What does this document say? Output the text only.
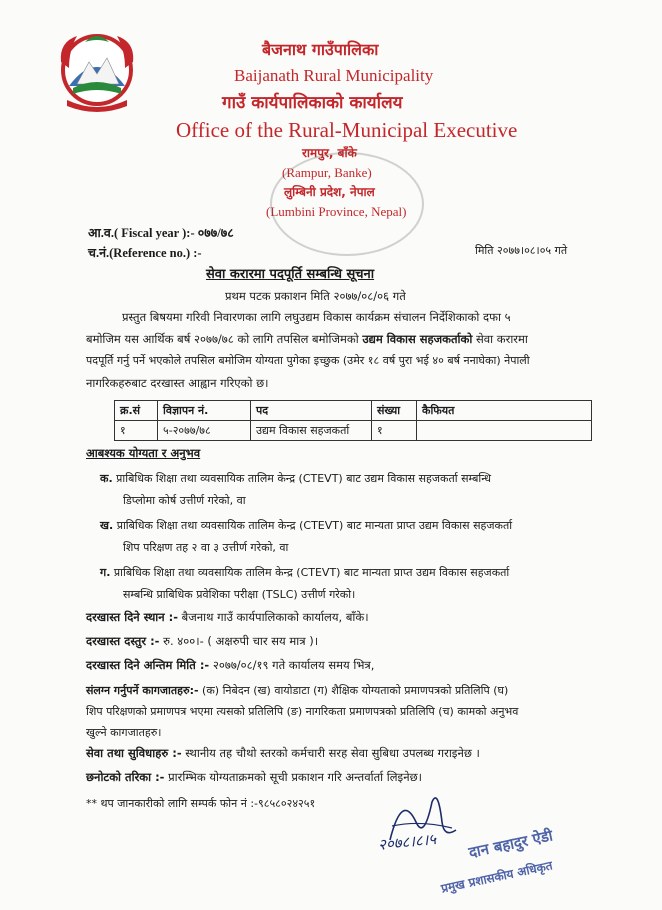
बैजनाथ गाउँपालिका
Baijanath Rural Municipality
गाउँ कार्यपालिकाको कार्यालय
Office of the Rural-Municipal Executive
रामपुर, बाँके
(Rampur, Banke)
लुम्बिनी प्रदेश, नेपाल
(Lumbini Province, Nepal)
आ.व.( Fiscal year ):- ०७७/७८
च.नं.(Reference no.) :-	मिति २०७७।०८।०५ गते
सेवा करारमा पदपूर्ति सम्बन्धि सूचना
प्रथम पटक प्रकाशन मिति २०७७/०८/०६ गते
प्रस्तुत बिषयमा गरिवी निवारणका लागि लघुउद्यम विकास कार्यक्रम संचालन निर्देशिकाको दफा ५
बमोजिम यस आर्थिक बर्ष २०७७/७८ को लागि तपसिल बमोजिमको उद्यम विकास सहजकर्ताको सेवा करारमा
पदपूर्ति गर्नु पर्ने भएकोले तपसिल बमोजिम योग्यता पुगेका इच्छुक (उमेर १८ वर्ष पुरा भई ४० बर्ष ननाघेका) नेपाली
नागरिकहरुबाट दरखास्त आह्वान गरिएको छ।
क्र.सं	विज्ञापन नं.	पद	संख्या	कैफियत
१	५-२०७७/७८	उद्यम विकास सहजकर्ता	१	
आबश्यक योग्यता र अनुभव
क. प्राबिधिक शिक्षा तथा व्यवसायिक तालिम केन्द्र (CTEVT) बाट उद्यम विकास सहजकर्ता सम्बन्धि
डिप्लोमा कोर्ष उत्तीर्ण गरेको, वा
ख. प्राबिधिक शिक्षा तथा व्यवसायिक तालिम केन्द्र (CTEVT) बाट मान्यता प्राप्त उद्यम विकास सहजकर्ता
शिप परिक्षण तह २ वा ३ उत्तीर्ण गरेको, वा
ग. प्राबिधिक शिक्षा तथा व्यवसायिक तालिम केन्द्र (CTEVT) बाट मान्यता प्राप्त उद्यम विकास सहजकर्ता
सम्बन्धि प्राबिधिक प्रवेशिका परीक्षा (TSLC) उत्तीर्ण गरेको।
दरखास्त दिने स्थान :- बैजनाथ गाउँ कार्यपालिकाको कार्यालय, बाँके।
दरखास्त दस्तुर :- रु. ४००।- ( अक्षरुपी चार सय मात्र )।
दरखास्त दिने अन्तिम मिति :- २०७७/०८/१९ गते कार्यालय समय भित्र,
संलग्न गर्नुपर्ने कागजातहरु:- (क) निबेदन (ख) वायोडाटा (ग) शैक्षिक योग्यताको प्रमाणपत्रको प्रतिलिपि (घ)
शिप परिक्षणको प्रमाणपत्र भएमा त्यसको प्रतिलिपि (ङ) नागरिकता प्रमाणपत्रको प्रतिलिपि (च) कामको अनुभव
खुल्ने कागजातहरु।
सेवा तथा सुविधाहरु :- स्थानीय तह चौथो स्तरको कर्मचारी सरह सेवा सुबिधा उपलब्ध गराइनेछ ।
छनोटको तरिका :- प्रारम्भिक योग्यताक्रमको सूची प्रकाशन गरि अन्तर्वार्ता लिइनेछ।
** थप जानकारीको लागि सम्पर्क फोन नं :-९८५८०२४२५१
२०७८।८।५ दान बहादुर ऐडी
प्रमुख प्रशासकीय अधिकृत
